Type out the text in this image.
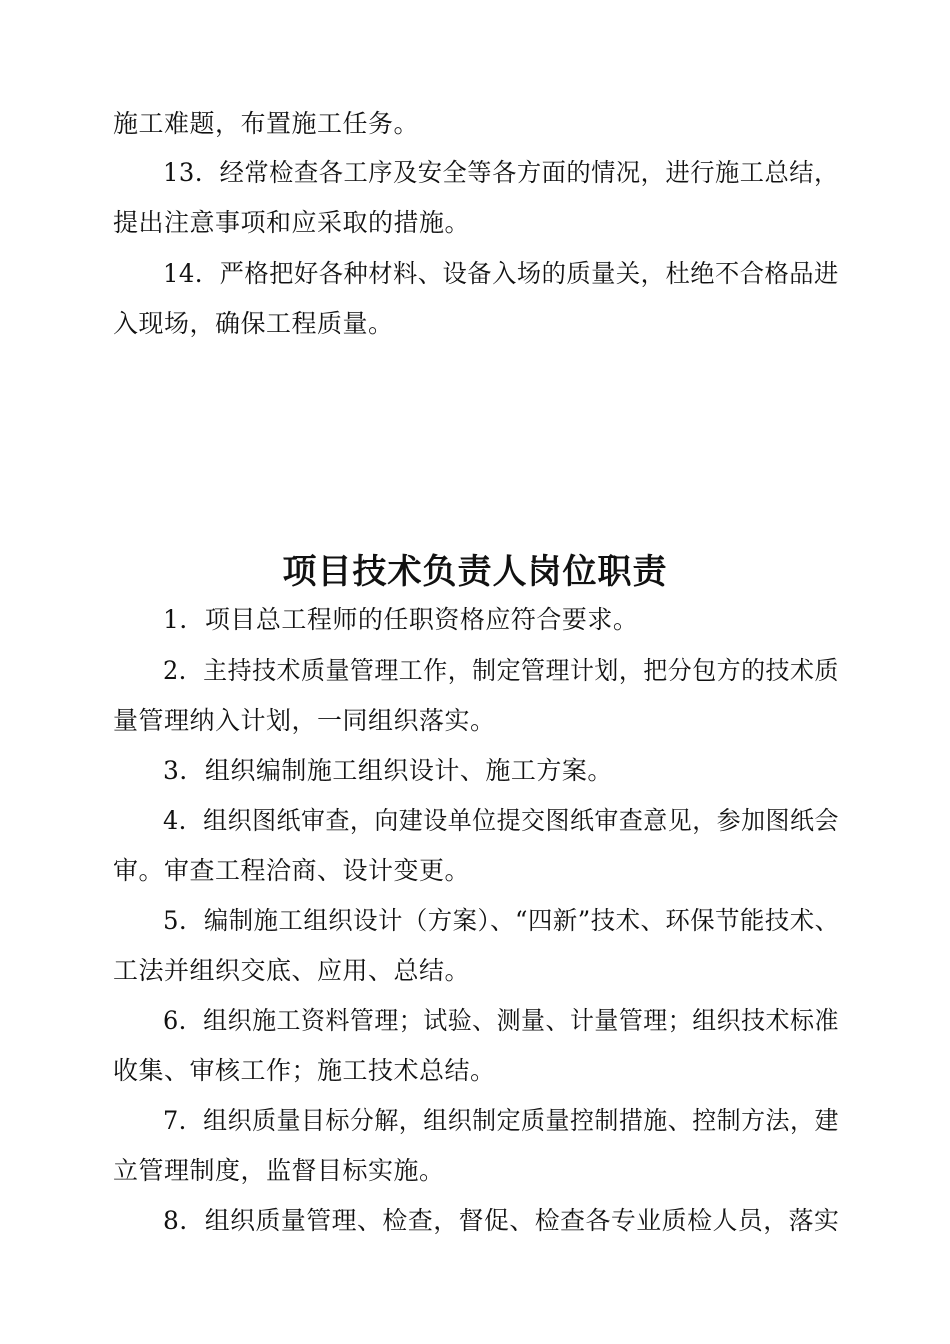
施工难题，布置施工任务。
13．经常检查各工序及安全等各方面的情况，进行施工总结，
提出注意事项和应采取的措施。
14．严格把好各种材料、设备入场的质量关，杜绝不合格品进
入现场，确保工程质量。
项目技术负责人岗位职责
1．项目总工程师的任职资格应符合要求。
2．主持技术质量管理工作，制定管理计划，把分包方的技术质
量管理纳入计划，一同组织落实。
3．组织编制施工组织设计、施工方案。
4．组织图纸审查，向建设单位提交图纸审查意见，参加图纸会
审。审查工程洽商、设计变更。
5．编制施工组织设计（方案）、“四新”技术、环保节能技术、
工法并组织交底、应用、总结。
6．组织施工资料管理；试验、测量、计量管理；组织技术标准
收集、审核工作；施工技术总结。
7．组织质量目标分解，组织制定质量控制措施、控制方法，建
立管理制度，监督目标实施。
8．组织质量管理、检查，督促、检查各专业质检人员，落实
